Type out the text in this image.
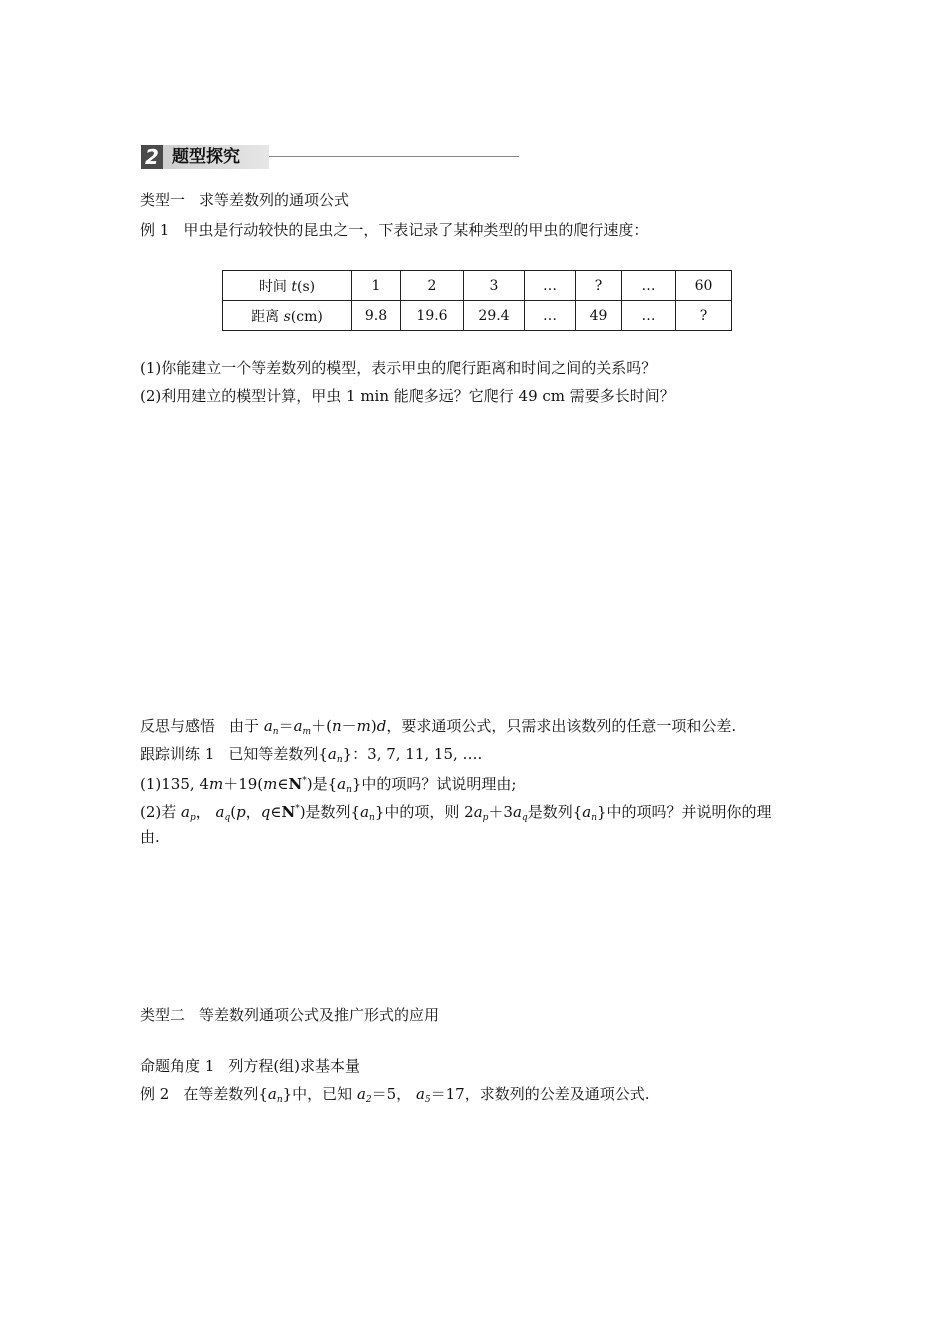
2 题型探究
类型一 求等差数列的通项公式
例 1 甲虫是行动较快的昆虫之一，下表记录了某种类型的甲虫的爬行速度：
时间 t(s)	1	2	3	…	?	…	60
距离 s(cm)	9.8	19.6	29.4	…	49	…	?
(1)你能建立一个等差数列的模型，表示甲虫的爬行距离和时间之间的关系吗？
(2)利用建立的模型计算，甲虫 1 min 能爬多远？它爬行 49 cm 需要多长时间？
反思与感悟 由于 $a_n=a_m+(n-m)d$，要求通项公式，只需求出该数列的任意一项和公差.
跟踪训练 1 已知等差数列$\{a_n\}$：3, 7, 11, 15, ….
(1)135, 4m＋19(m∈N*)是$\{a_n\}$中的项吗？试说明理由;
(2)若 $a_p$， $a_q(p$，q∈N*)是数列$\{a_n\}$中的项，则 $2a_p+3a_q$是数列$\{a_n\}$中的项吗？并说明你的理
由.
类型二 等差数列通项公式及推广形式的应用
命题角度 1 列方程(组)求基本量
例 2 在等差数列$\{a_n\}$中，已知 $a_2=5$， $a_5=17$，求数列的公差及通项公式.
